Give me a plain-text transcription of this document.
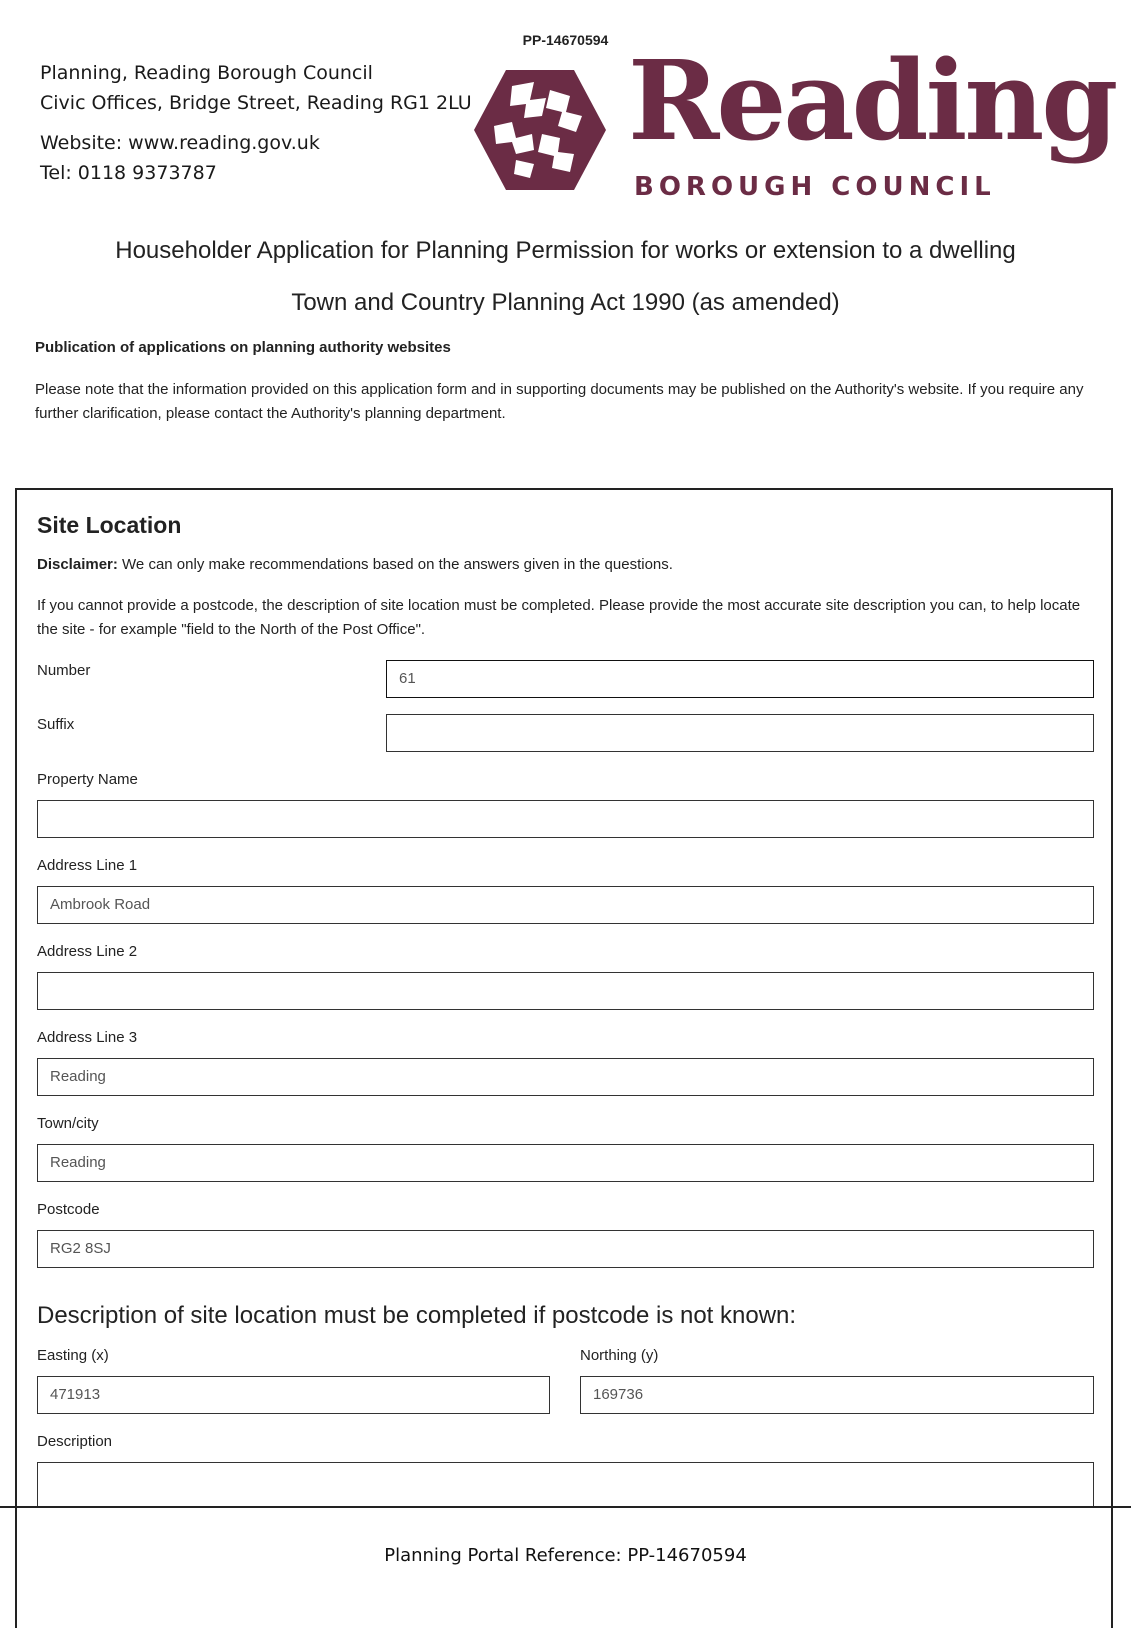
PP-14670594
Planning, Reading Borough Council
Civic Offices, Bridge Street, Reading RG1 2LU
Website: www.reading.gov.uk
Tel: 0118 9373787
Reading
BOROUGH COUNCIL
Householder Application for Planning Permission for works or extension to a dwelling
Town and Country Planning Act 1990 (as amended)
Publication of applications on planning authority websites
Please note that the information provided on this application form and in supporting documents may be published on the Authority's website. If you require any further clarification, please contact the Authority's planning department.
Site Location
Disclaimer: We can only make recommendations based on the answers given in the questions.
If you cannot provide a postcode, the description of site location must be completed. Please provide the most accurate site description you can, to help locate the site - for example "field to the North of the Post Office".
Number	61
Suffix
Property Name
Address Line 1
Ambrook Road
Address Line 2
Address Line 3
Reading
Town/city
Reading
Postcode
RG2 8SJ
Description of site location must be completed if postcode is not known:
Easting (x)
471913
Northing (y)
169736
Description
Planning Portal Reference: PP-14670594
